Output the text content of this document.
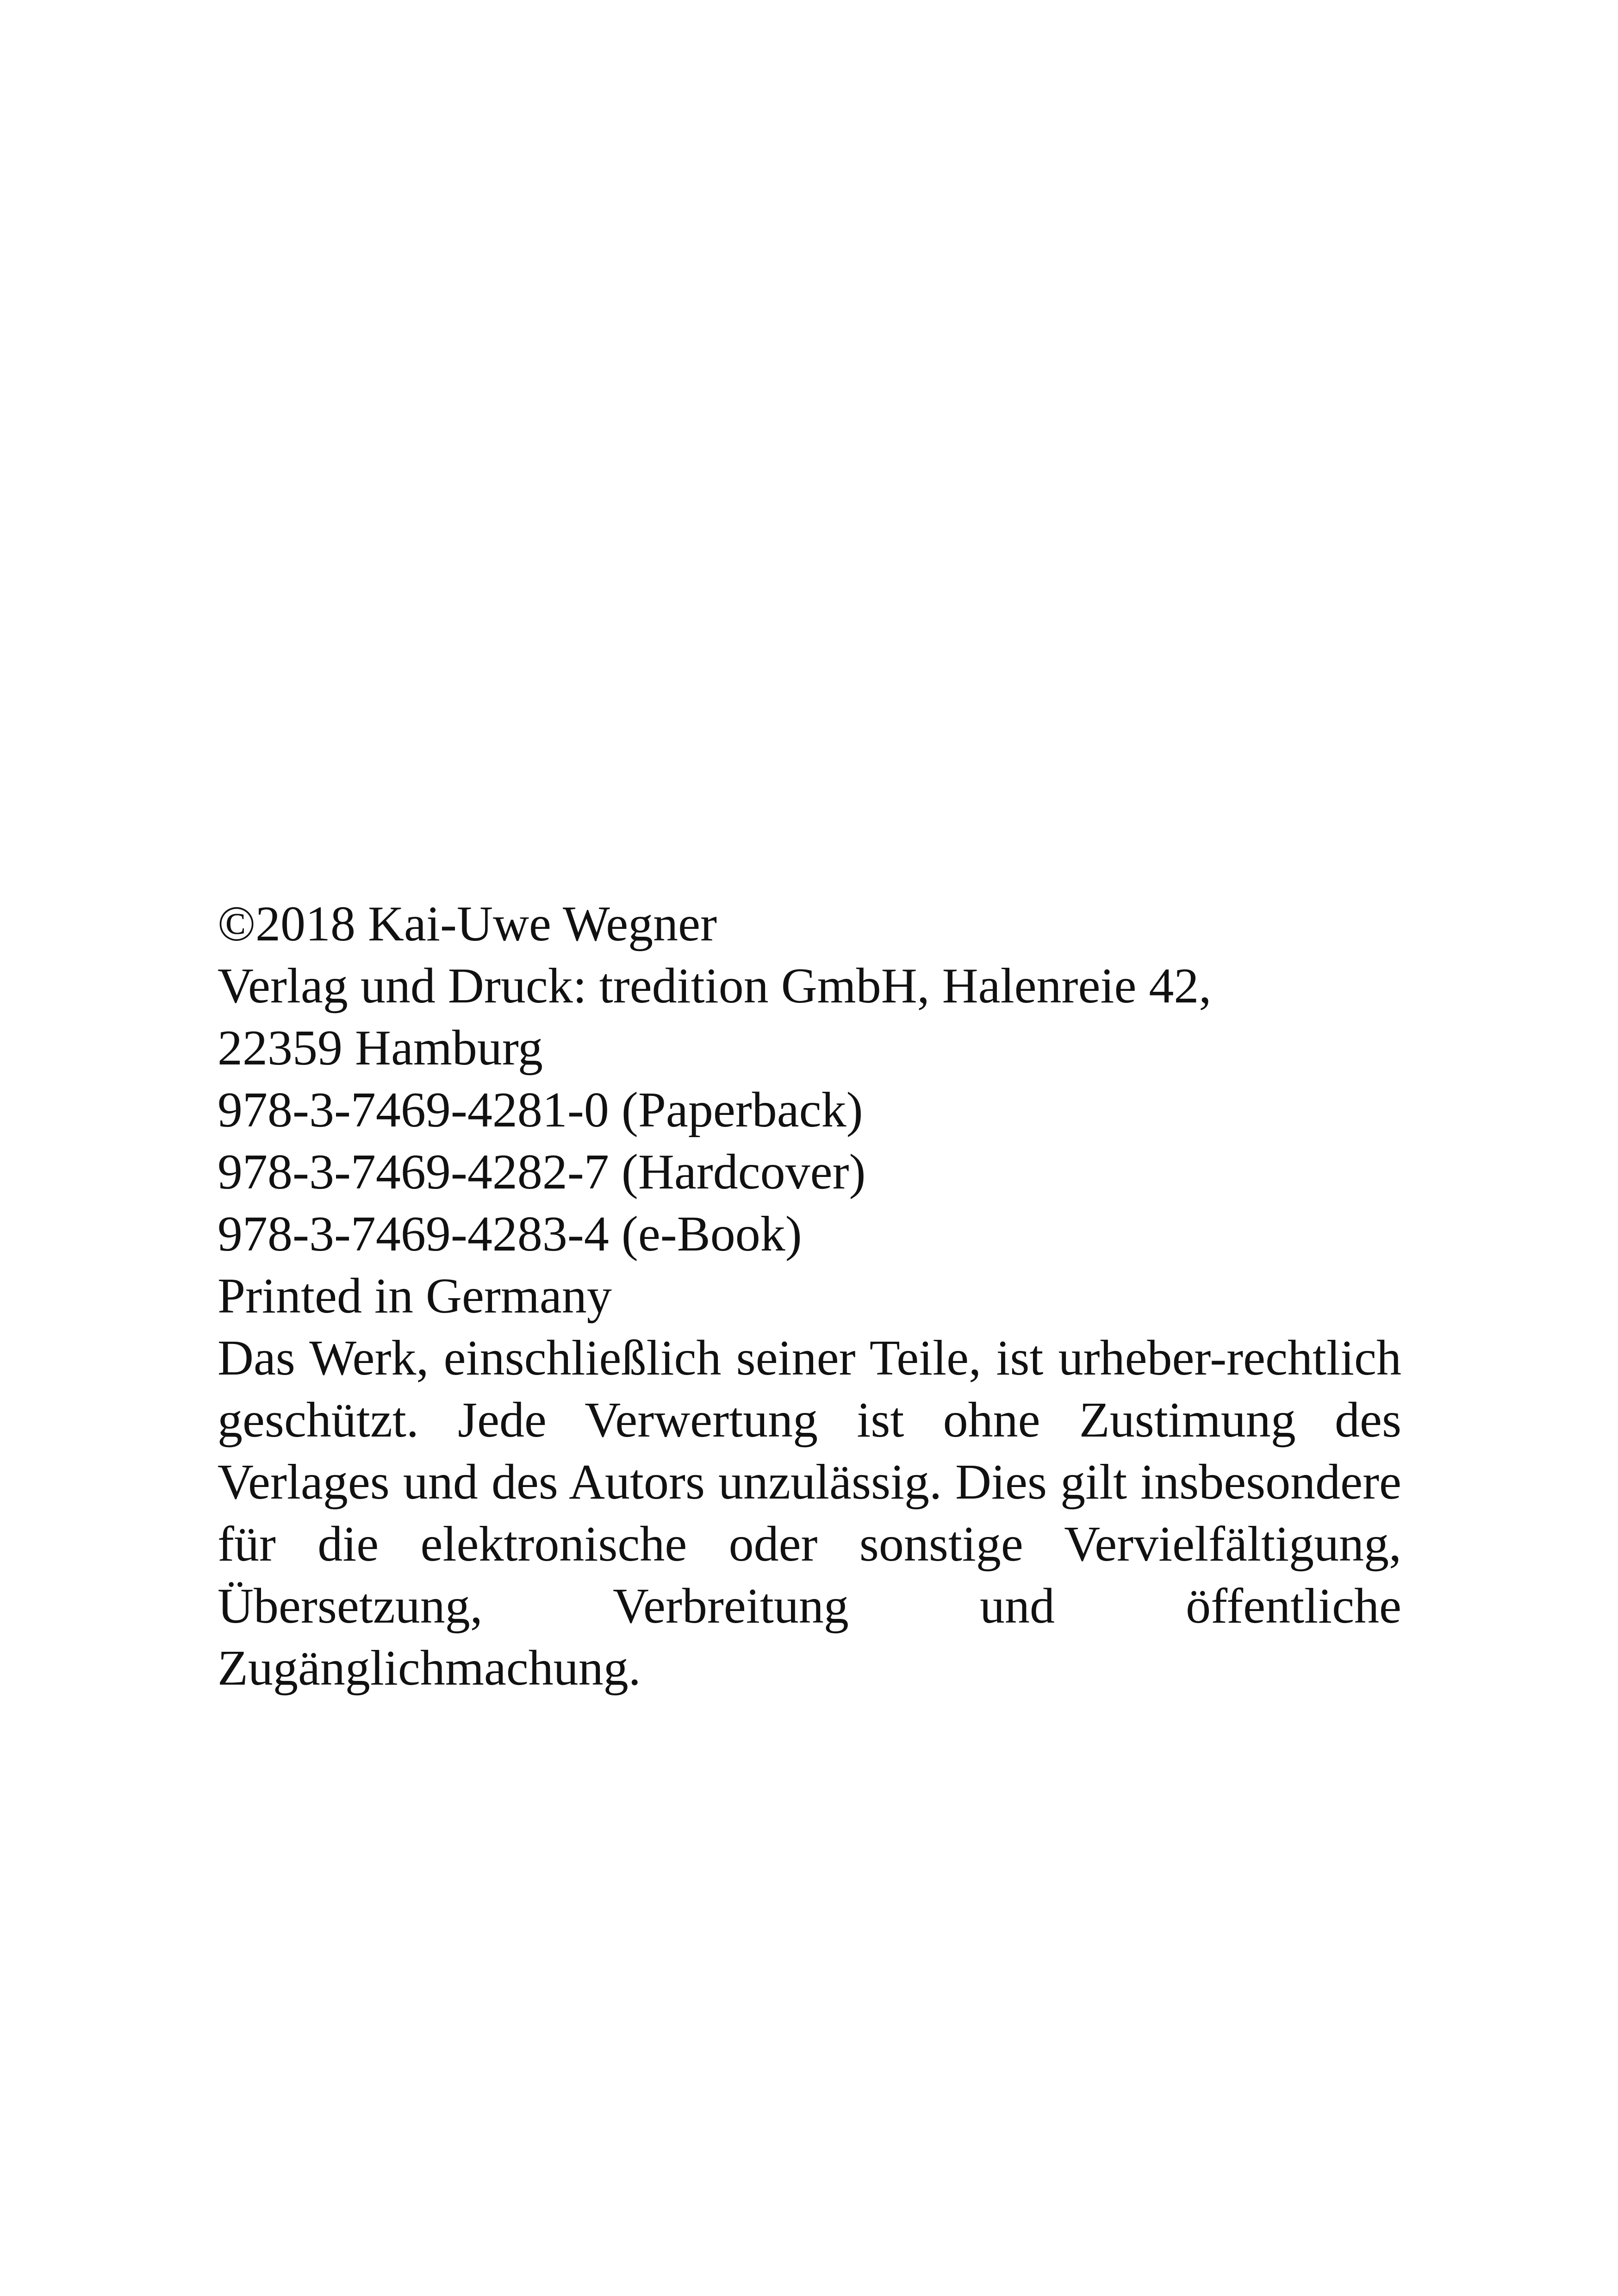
©2018 Kai-Uwe Wegner

Verlag und Druck: tredition GmbH, Halenreie 42,
22359 Hamburg

978-3-7469-4281-0 (Paperback)
978-3-7469-4282-7 (Hardcover)
978-3-7469-4283-4 (e-Book)

Printed in Germany

Das Werk, einschließlich seiner Teile, ist urheber-rechtlich geschützt. Jede Verwertung ist ohne Zustimung des Verlages und des Autors unzulässig. Dies gilt insbesondere für die elektronische oder sonstige Vervielfältigung, Übersetzung, Verbreitung und öffentliche Zugänglichmachung.
